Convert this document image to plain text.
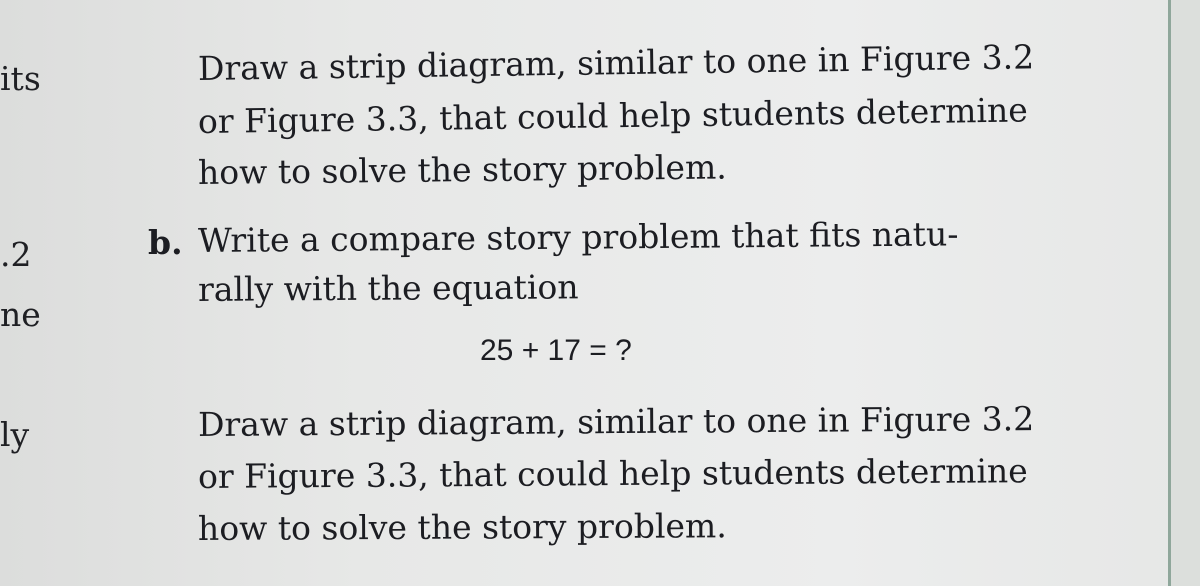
its
.2
ne
ly
Draw a strip diagram, similar to one in Figure 3.2
or Figure 3.3, that could help students determine
how to solve the story problem.
b. Write a compare story problem that fits natu-
rally with the equation
25 + 17 = ?
Draw a strip diagram, similar to one in Figure 3.2
or Figure 3.3, that could help students determine
how to solve the story problem.
